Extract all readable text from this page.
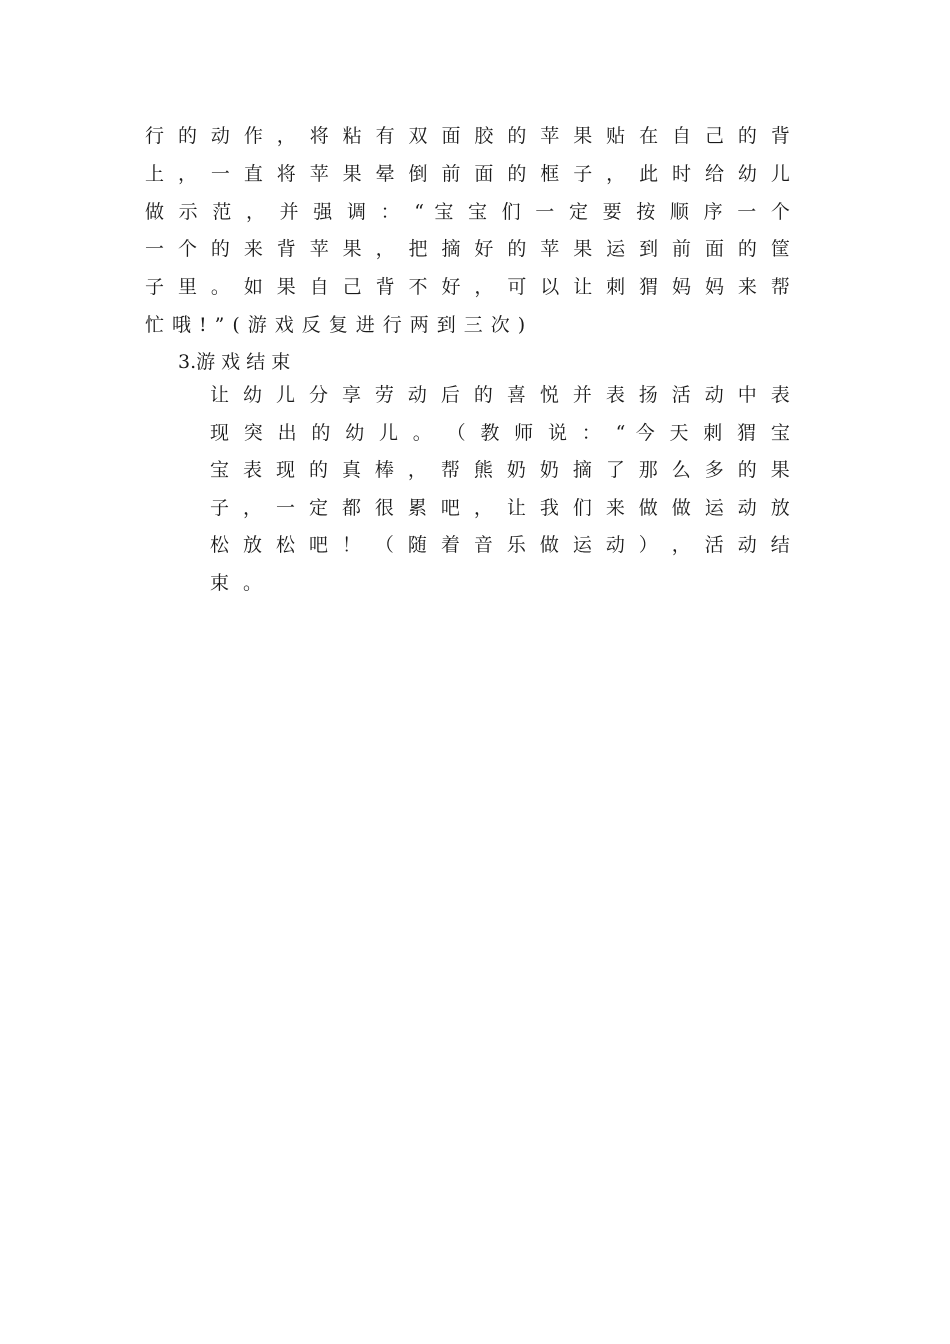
行 的 动 作 ， 将 粘 有 双 面 胶 的 苹 果 贴 在 自 己 的 背
上 ， 一 直 将 苹 果 晕 倒 前 面 的 框 子 ， 此 时 给 幼 儿
做 示 范 ， 并 强 调 ： “ 宝 宝 们 一 定 要 按 顺 序 一 个
一 个 的 来 背 苹 果 ， 把 摘 好 的 苹 果 运 到 前 面 的 筐
子 里 。 如 果 自 己 背 不 好 ， 可 以 让 刺 猬 妈 妈 来 帮
忙哦!”(游戏反复进行两到三次)
3.游 戏 结 束
让 幼 儿 分 享 劳 动 后 的 喜 悦 并 表 扬 活 动 中 表
现 突 出 的 幼 儿 。 （ 教 师 说 ： “ 今 天 刺 猬 宝
宝 表 现 的 真 棒 ， 帮 熊 奶 奶 摘 了 那 么 多 的 果
子 ， 一 定 都 很 累 吧 ， 让 我 们 来 做 做 运 动 放
松 放 松 吧 ！ （ 随 着 音 乐 做 运 动 ） ， 活 动 结
束。
